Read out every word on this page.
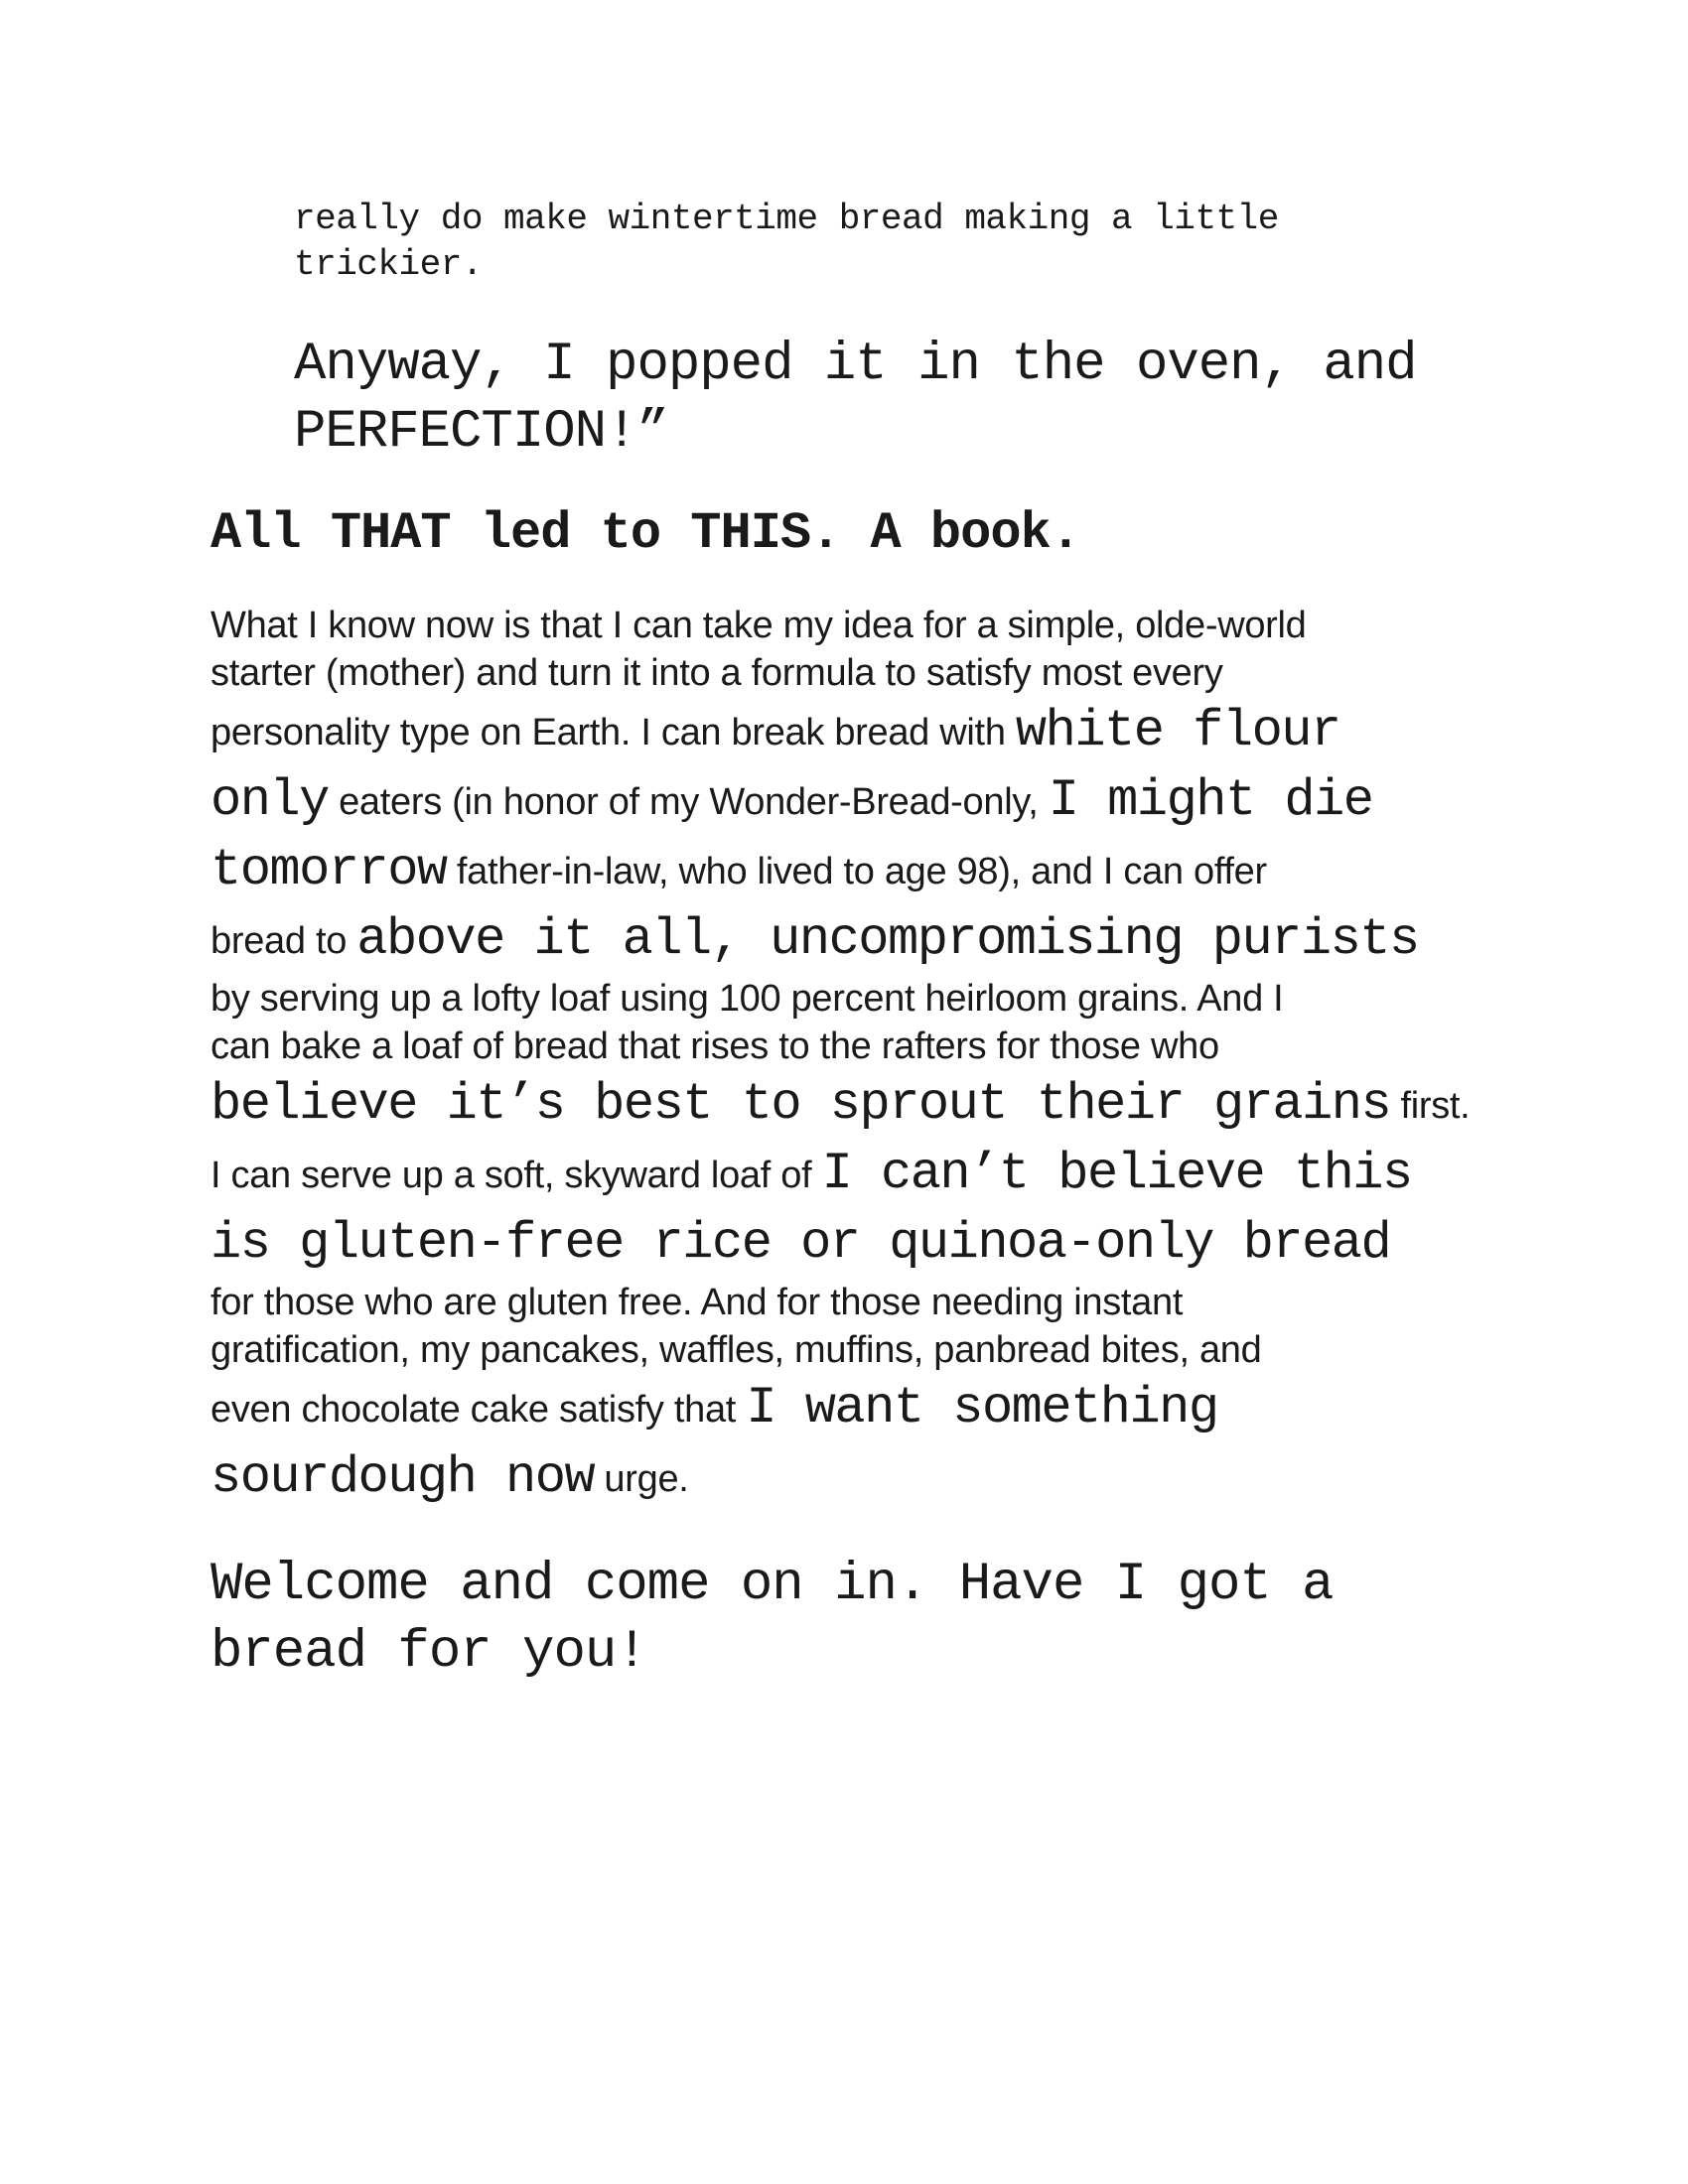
really do make wintertime bread making a little
trickier.

Anyway, I popped it in the oven, and
PERFECTION!”

All THAT led to THIS. A book.

What I know now is that I can take my idea for a simple, olde-world
starter (mother) and turn it into a formula to satisfy most every
personality type on Earth. I can break bread with white flour
only eaters (in honor of my Wonder-Bread-only, I might die
tomorrow father-in-law, who lived to age 98), and I can offer
bread to above it all, uncompromising purists
by serving up a lofty loaf using 100 percent heirloom grains. And I
can bake a loaf of bread that rises to the rafters for those who
believe it’s best to sprout their grains first.
I can serve up a soft, skyward loaf of I can’t believe this
is gluten-free rice or quinoa-only bread
for those who are gluten free. And for those needing instant
gratification, my pancakes, waffles, muffins, panbread bites, and
even chocolate cake satisfy that I want something
sourdough now urge.

Welcome and come on in. Have I got a
bread for you!
